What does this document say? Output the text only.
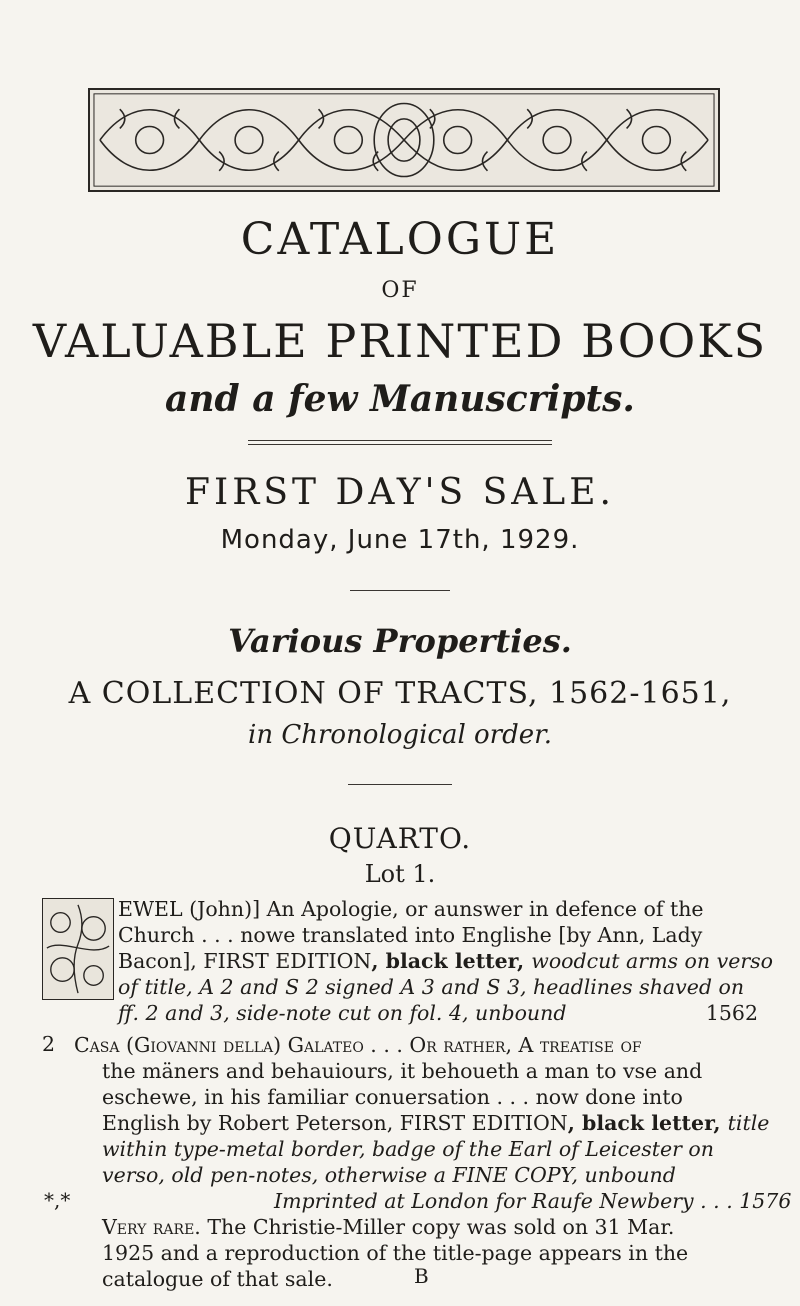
CATALOGUE
OF
VALUABLE PRINTED BOOKS
and a few Manuscripts.
FIRST DAY'S SALE.
Monday, June 17th, 1929.
Various Properties.
A COLLECTION OF TRACTS, 1562-1651,
in Chronological order.
QUARTO.
Lot 1.
EWEL (John)] An Apologie, or aunswer in defence of the
Church . . . nowe translated into Englishe [by Ann, Lady
Bacon], FIRST EDITION, black letter, woodcut arms on verso
of title, A 2 and S 2 signed A 3 and S 3, headlines shaved on
ff. 2 and 3, side-note cut on fol. 4, unbound	1562
2 Casa (Giovanni della) Galateo . . . Or rather, A treatise of
the mäners and behauiours, it behoueth a man to vse and
eschewe, in his familiar conuersation . . . now done into
English by Robert Peterson, FIRST EDITION, black letter, title
within type-metal border, badge of the Earl of Leicester on
verso, old pen-notes, otherwise a FINE COPY, unbound
Imprinted at London for Raufe Newbery . . . 1576
Very rare. The Christie-Miller copy was sold on 31 Mar.
1925 and a reproduction of the title-page appears in the
catalogue of that sale.
*,*
B
